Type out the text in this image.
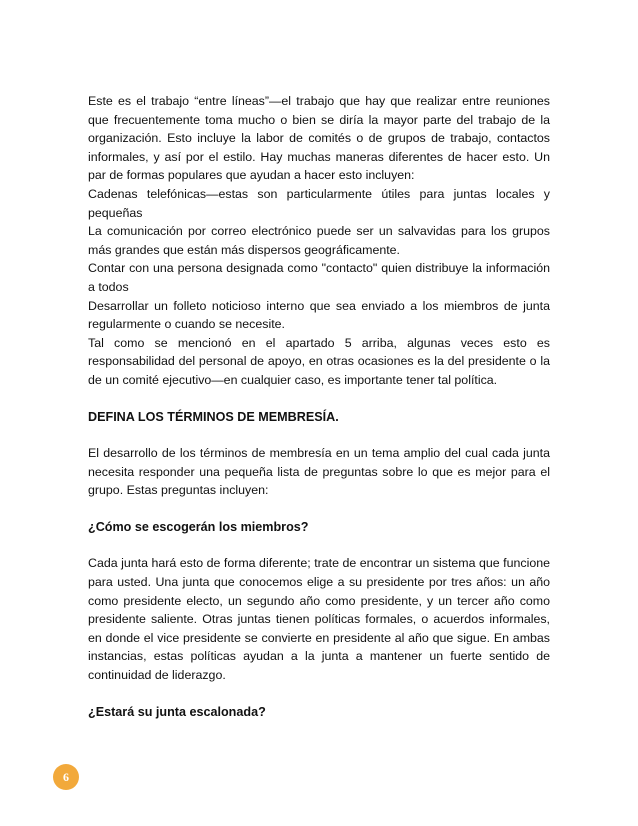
Este es el trabajo “entre líneas”—el trabajo que hay que realizar entre reuniones que frecuentemente toma mucho o bien se diría la mayor parte del trabajo de la organización. Esto incluye la labor de comités o de grupos de trabajo, contactos informales, y así por el estilo. Hay muchas maneras diferentes de hacer esto. Un par de formas populares que ayudan a hacer esto incluyen:

Cadenas telefónicas—estas son particularmente útiles para juntas locales y pequeñas

La comunicación por correo electrónico puede ser un salvavidas para los grupos más grandes que están más dispersos geográficamente.

Contar con una persona designada como "contacto" quien distribuye la información a todos

Desarrollar un folleto noticioso interno que sea enviado a los miembros de junta regularmente o cuando se necesite.

Tal como se mencionó en el apartado 5 arriba, algunas veces esto es responsabilidad del personal de apoyo, en otras ocasiones es la del presidente o la de un comité ejecutivo—en cualquier caso, es importante tener tal política.

DEFINA LOS TÉRMINOS DE MEMBRESÍA.

El desarrollo de los términos de membresía en un tema amplio del cual cada junta necesita responder una pequeña lista de preguntas sobre lo que es mejor para el grupo. Estas preguntas incluyen:

¿Cómo se escogerán los miembros?

Cada junta hará esto de forma diferente; trate de encontrar un sistema que funcione para usted. Una junta que conocemos elige a su presidente por tres años: un año como presidente electo, un segundo año como presidente, y un tercer año como presidente saliente. Otras juntas tienen políticas formales, o acuerdos informales, en donde el vice presidente se convierte en presidente al año que sigue. En ambas instancias, estas políticas ayudan a la junta a mantener un fuerte sentido de continuidad de liderazgo.

¿Estará su junta escalonada?

6
